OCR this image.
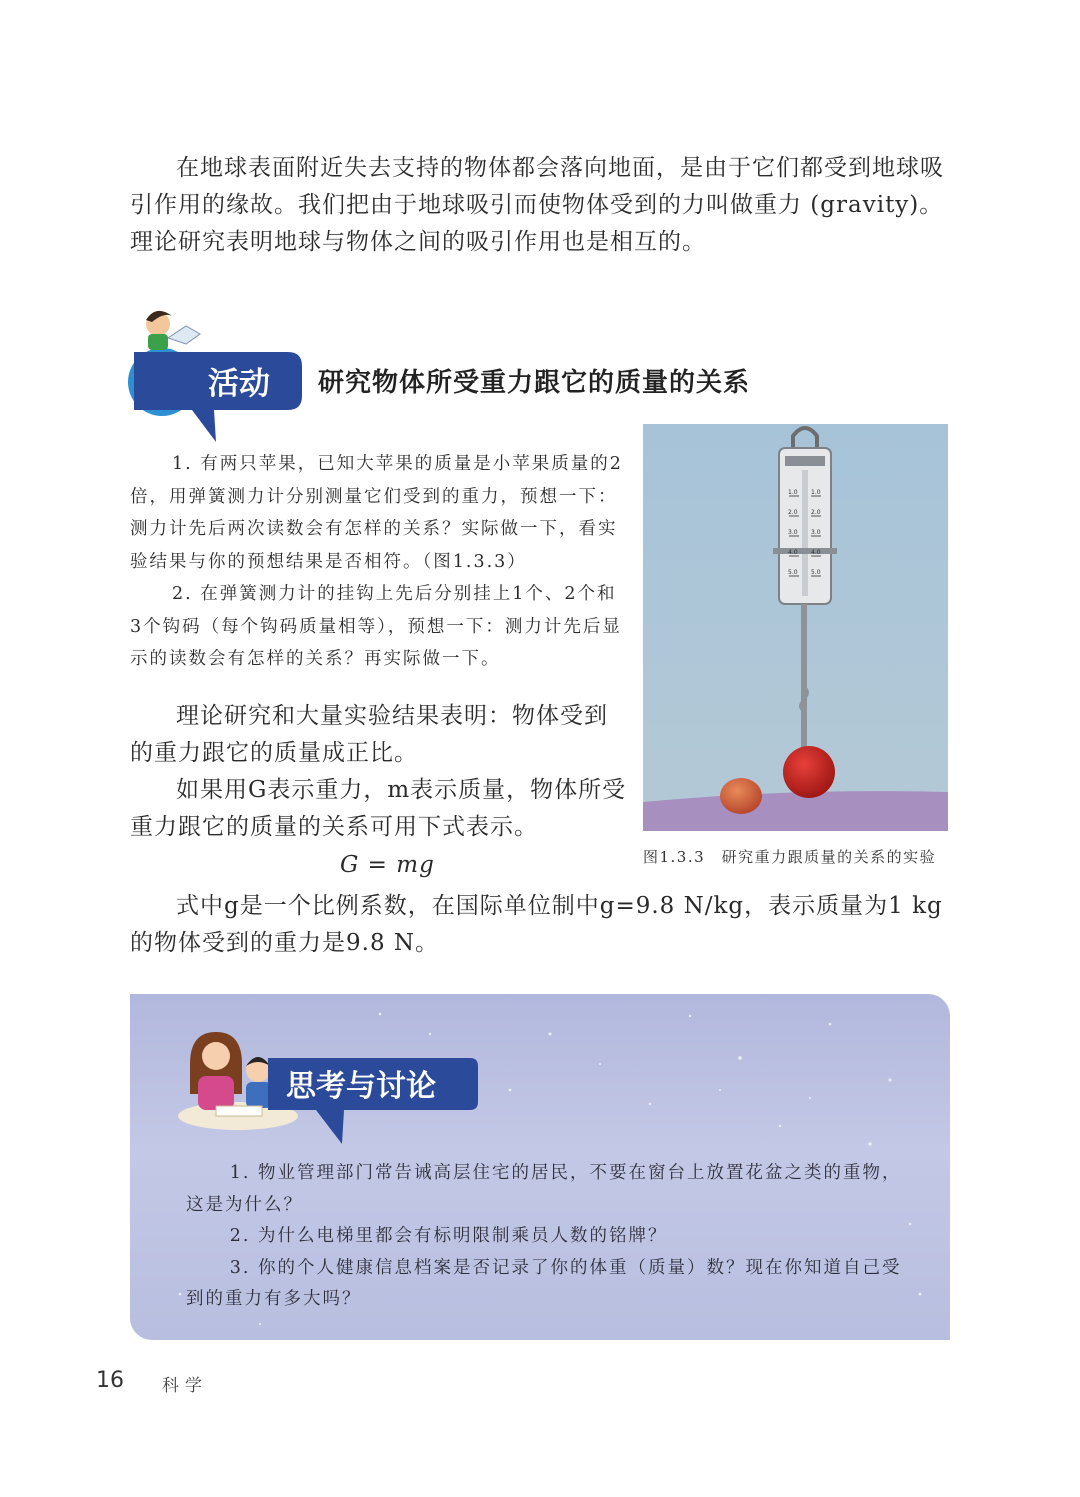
在地球表面附近失去支持的物体都会落向地面，是由于它们都受到地球吸引作用的缘故。我们把由于地球吸引而使物体受到的力叫做重力 (gravity)。理论研究表明地球与物体之间的吸引作用也是相互的。

活动 研究物体所受重力跟它的质量的关系

1. 有两只苹果，已知大苹果的质量是小苹果质量的2倍，用弹簧测力计分别测量它们受到的重力，预想一下：测力计先后两次读数会有怎样的关系？实际做一下，看实验结果与你的预想结果是否相符。（图1.3.3）

2. 在弹簧测力计的挂钩上先后分别挂上1个、2个和3个钩码（每个钩码质量相等），预想一下：测力计先后显示的读数会有怎样的关系？再实际做一下。

1.0
2.0
3.0
4.0
5.0
1.0
2.0
3.0
4.0
5.0
图1.3.3　研究重力跟质量的关系的实验

理论研究和大量实验结果表明：物体受到的重力跟它的质量成正比。

如果用G表示重力，m表示质量，物体所受重力跟它的质量的关系可用下式表示。

G = mg

式中g是一个比例系数，在国际单位制中g=9.8 N/kg，表示质量为1 kg的物体受到的重力是9.8 N。

思考与讨论

1. 物业管理部门常告诫高层住宅的居民，不要在窗台上放置花盆之类的重物，这是为什么？

2. 为什么电梯里都会有标明限制乘员人数的铭牌？

3. 你的个人健康信息档案是否记录了你的体重（质量）数？现在你知道自己受到的重力有多大吗？

16 科学
